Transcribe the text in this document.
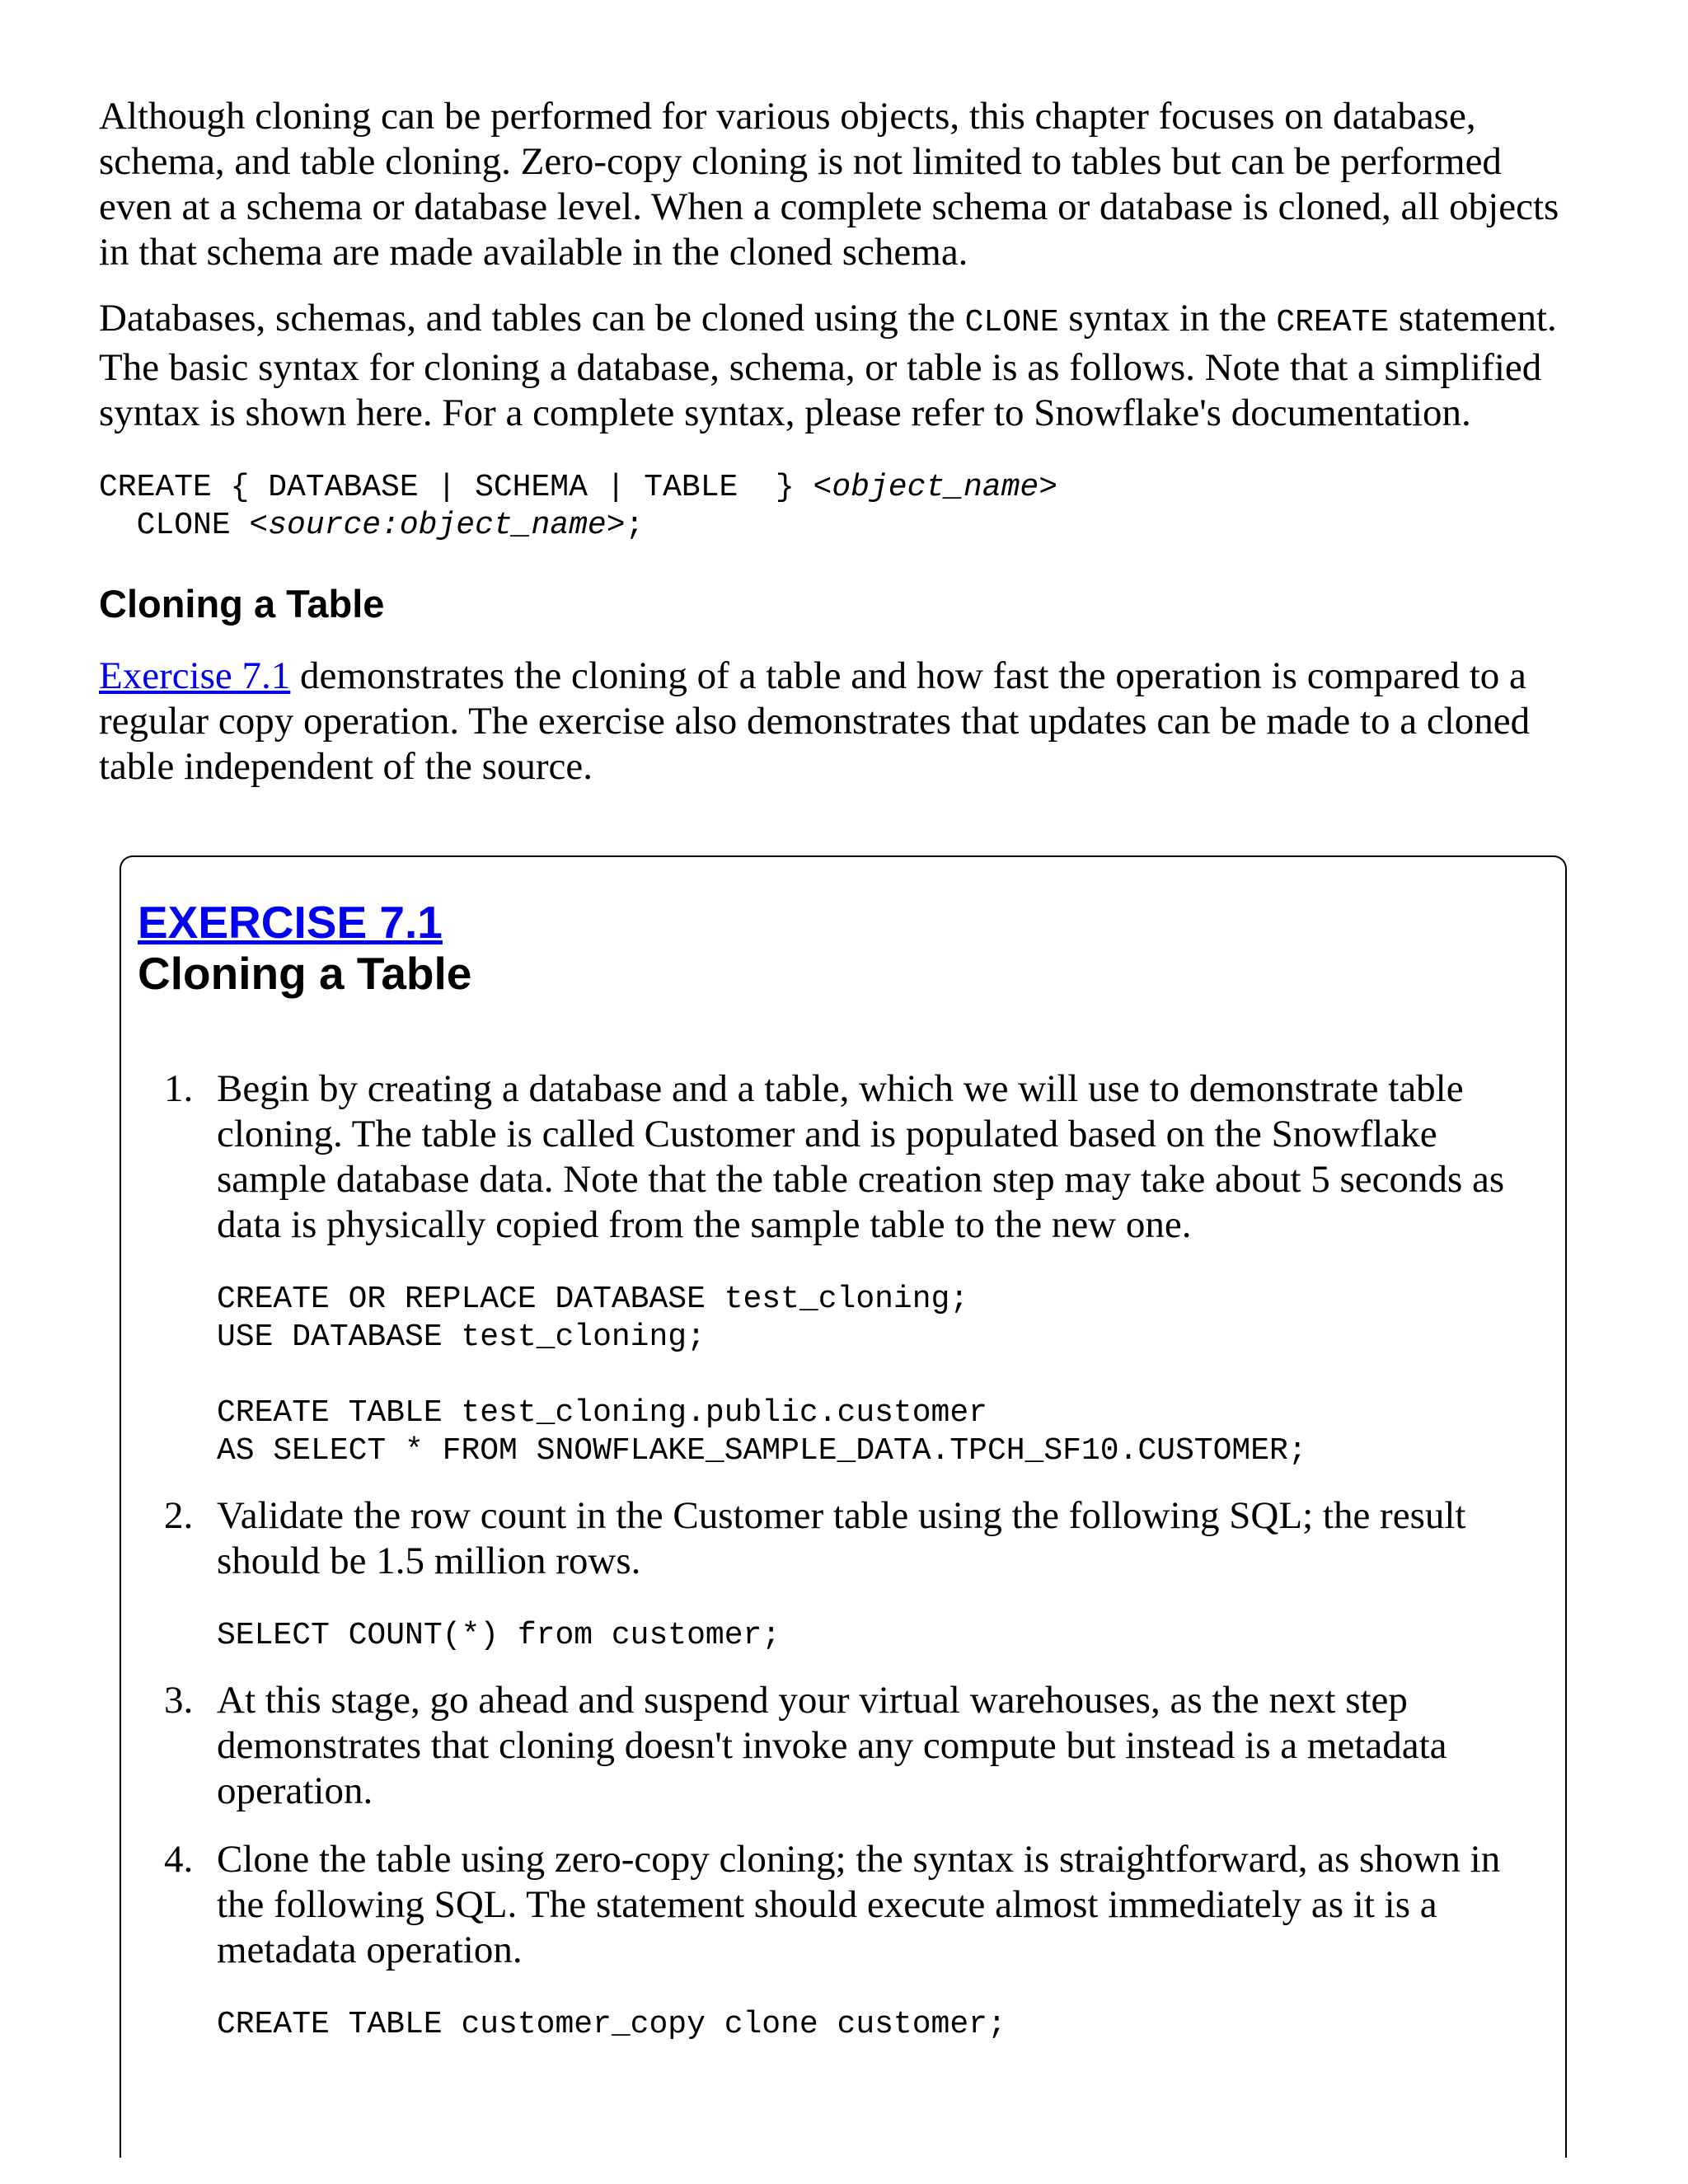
Although cloning can be performed for various objects, this chapter focuses on database, schema, and table cloning. Zero-copy cloning is not limited to tables but can be performed even at a schema or database level. When a complete schema or database is cloned, all objects in that schema are made available in the cloned schema.

Databases, schemas, and tables can be cloned using the CLONE syntax in the CREATE statement. The basic syntax for cloning a database, schema, or table is as follows. Note that a simplified syntax is shown here. For a complete syntax, please refer to Snowflake's documentation.

CREATE { DATABASE | SCHEMA | TABLE  } <object_name>
CLONE <source:object_name>;
Cloning a Table

Exercise 7.1 demonstrates the cloning of a table and how fast the operation is compared to a regular copy operation. The exercise also demonstrates that updates can be made to a cloned table independent of the source.

EXERCISE 7.1
Cloning a Table
1. Begin by creating a database and a table, which we will use to demonstrate table cloning. The table is called Customer and is populated based on the Snowflake sample database data. Note that the table creation step may take about 5 seconds as data is physically copied from the sample table to the new one.

CREATE OR REPLACE DATABASE test_cloning;
USE DATABASE test_cloning;
CREATE TABLE test_cloning.public.customer
AS SELECT * FROM SNOWFLAKE_SAMPLE_DATA.TPCH_SF10.CUSTOMER;
2. Validate the row count in the Customer table using the following SQL; the result should be 1.5 million rows.

SELECT COUNT(*) from customer;
3. At this stage, go ahead and suspend your virtual warehouses, as the next step demonstrates that cloning doesn't invoke any compute but instead is a metadata operation.

4. Clone the table using zero-copy cloning; the syntax is straightforward, as shown in the following SQL. The statement should execute almost immediately as it is a metadata operation.

CREATE TABLE customer_copy clone customer;
